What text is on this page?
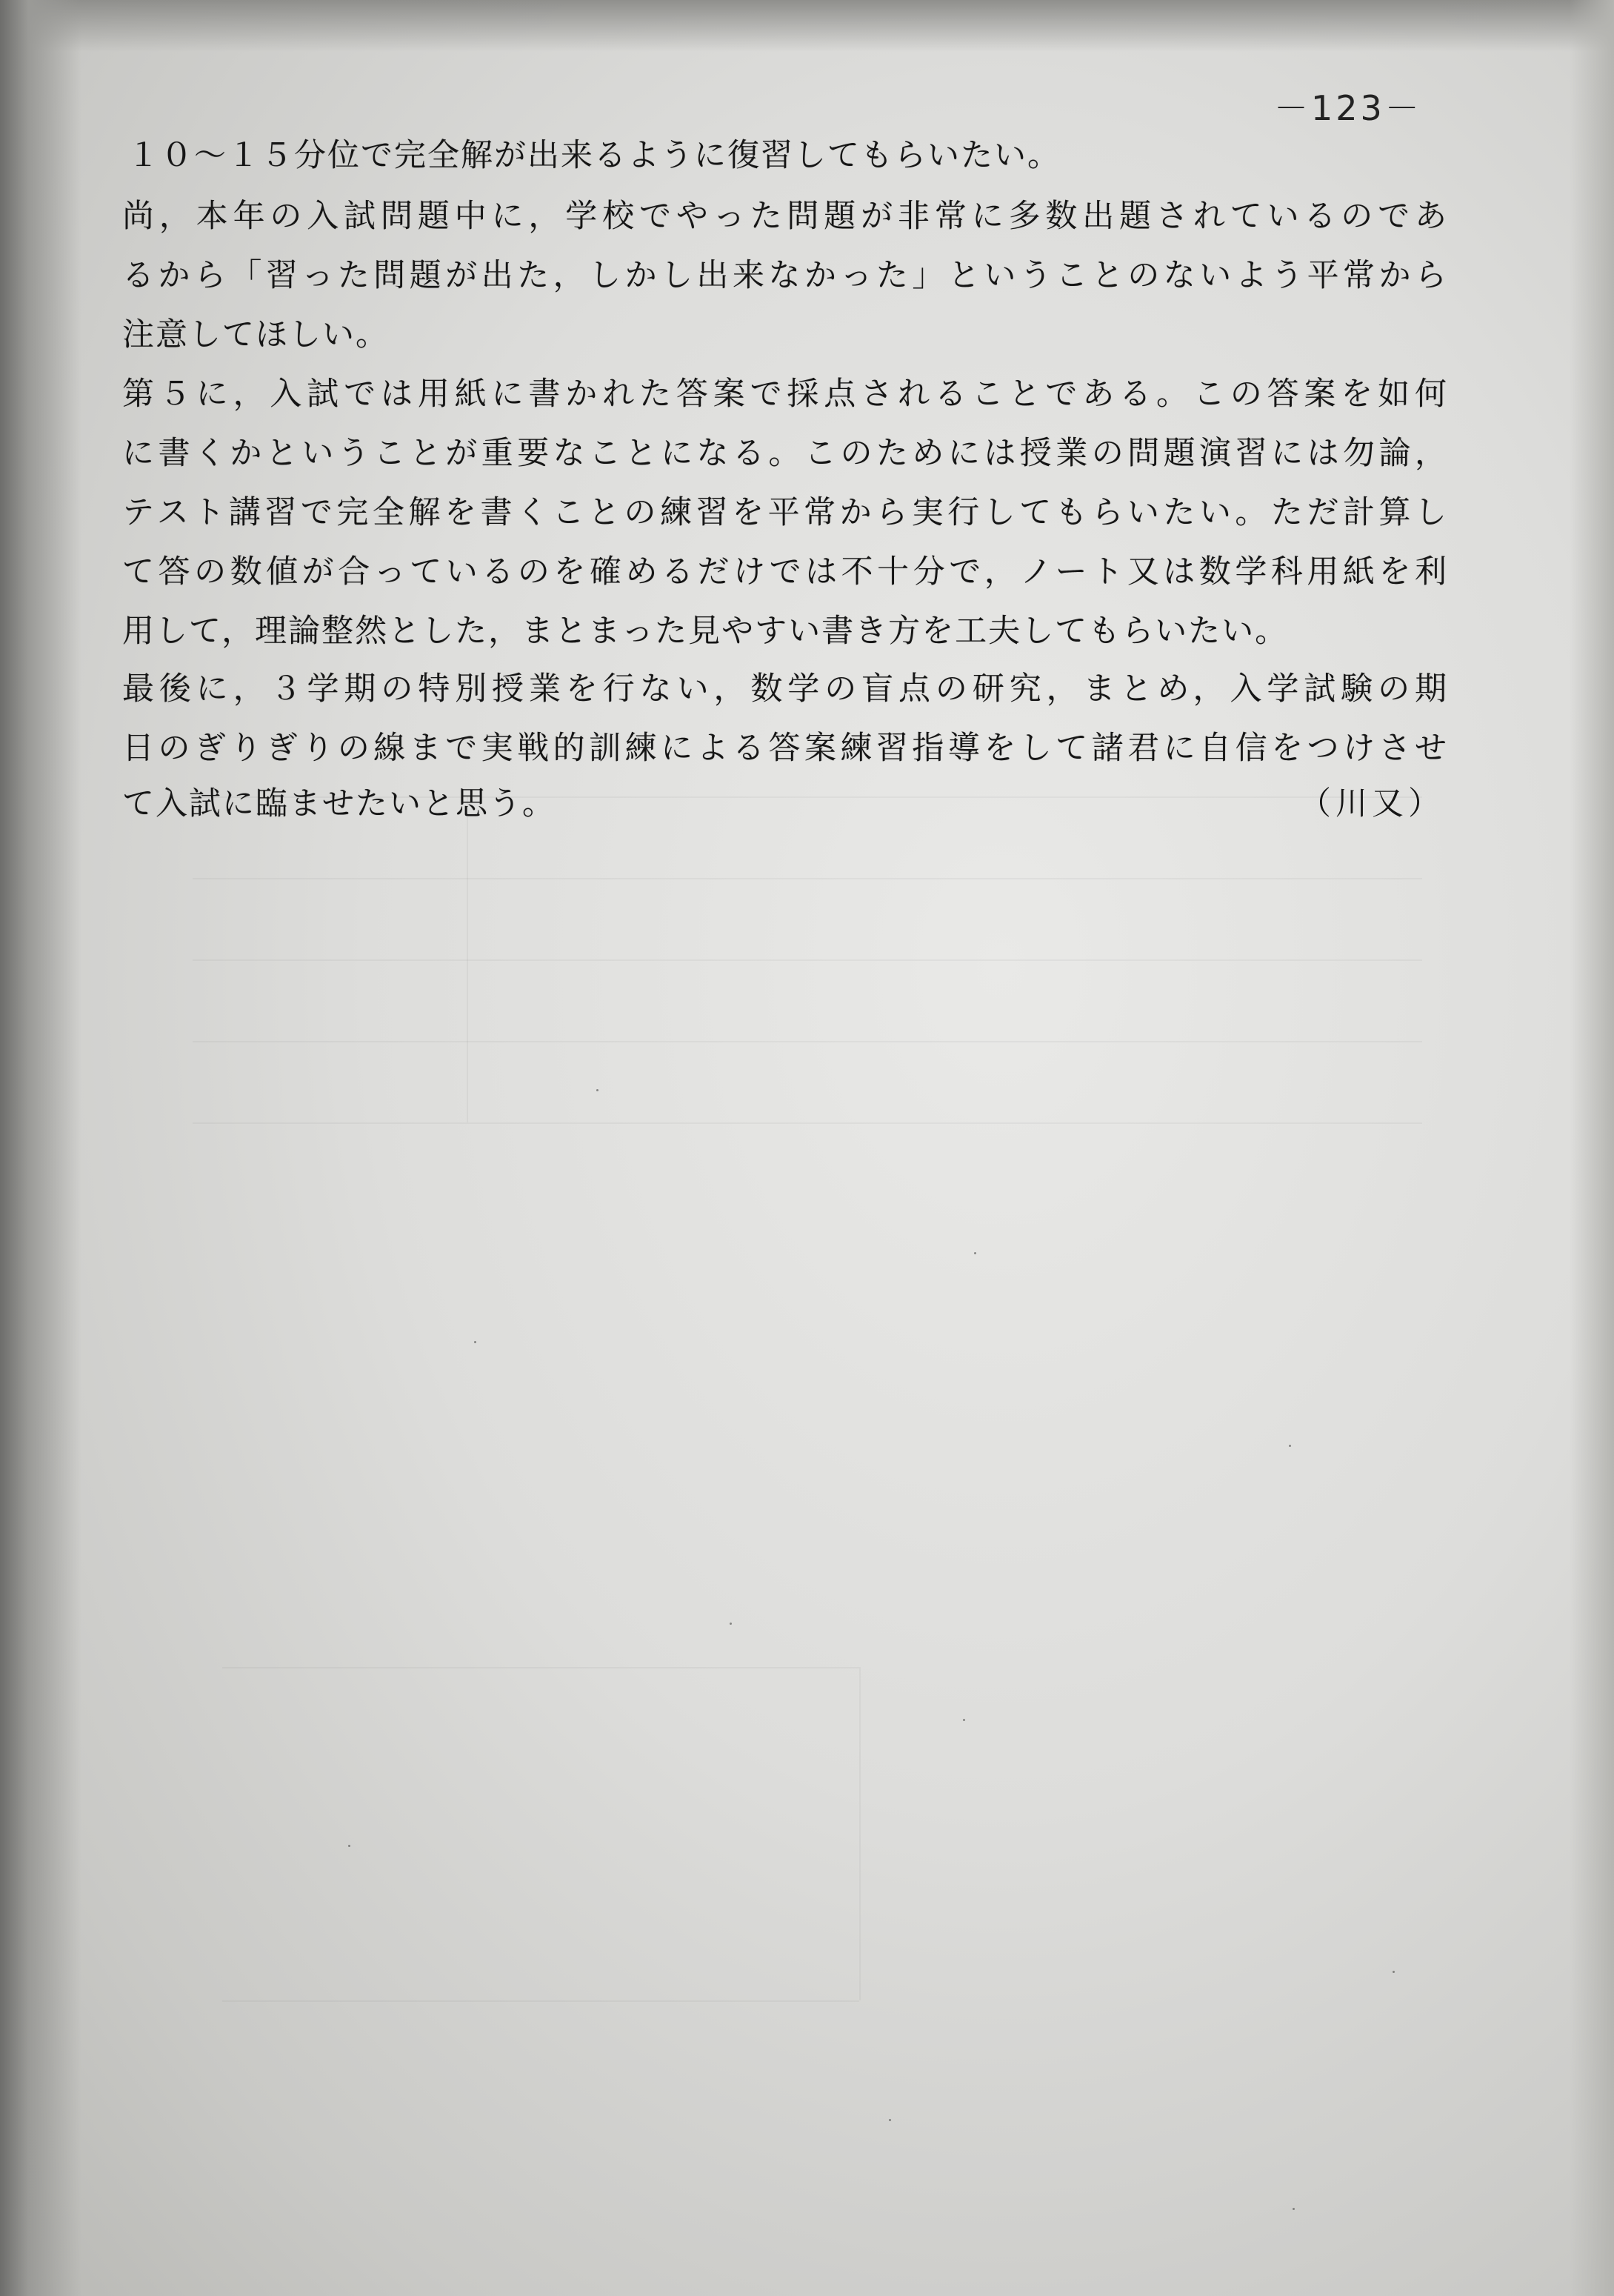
－123－
１０～１５分位で完全解が出来るように復習してもらいたい。
尚，本年の入試問題中に，学校でやった問題が非常に多数出題されているのであ
るから「習った問題が出た，しかし出来なかった」ということのないよう平常から
注意してほしい。
第５に，入試では用紙に書かれた答案で採点されることである。この答案を如何
に書くかということが重要なことになる。このためには授業の問題演習には勿論，
テスト講習で完全解を書くことの練習を平常から実行してもらいたい。ただ計算し
て答の数値が合っているのを確めるだけでは不十分で，ノート又は数学科用紙を利
用して，理論整然とした，まとまった見やすい書き方を工夫してもらいたい。
最後に，３学期の特別授業を行ない，数学の盲点の研究，まとめ，入学試験の期
日のぎりぎりの線まで実戦的訓練による答案練習指導をして諸君に自信をつけさせ
て入試に臨ませたいと思う。	（川又）
